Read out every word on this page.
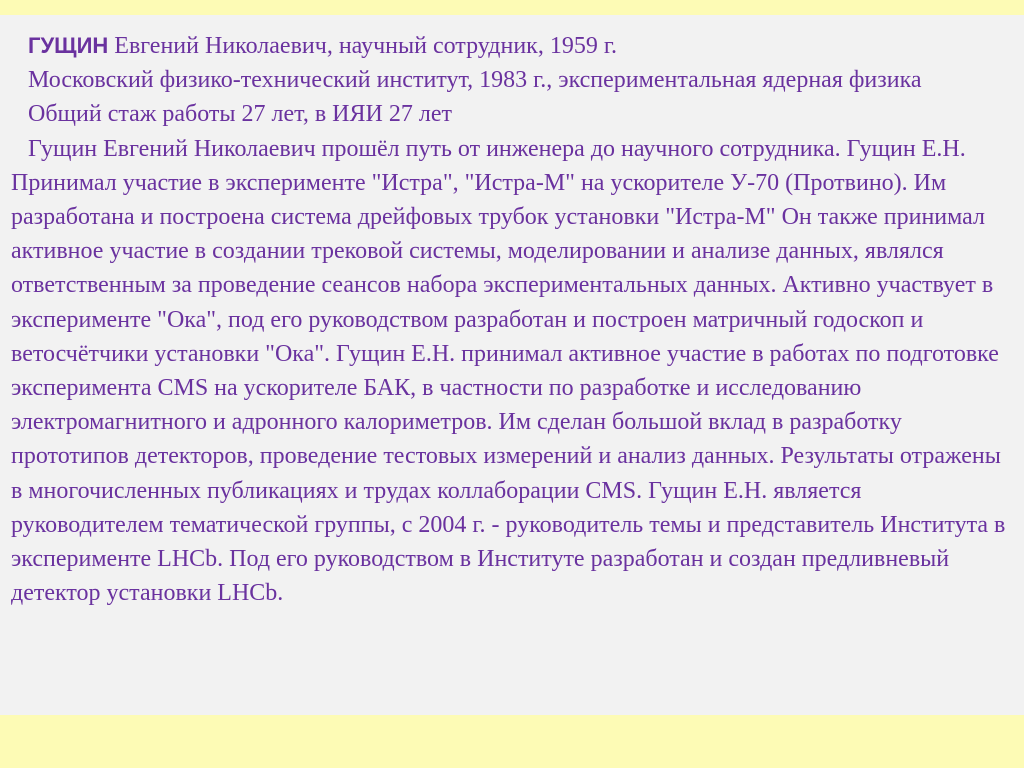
ГУЩИН Евгений Николаевич, научный сотрудник, 1959 г.

Московский физико-технический институт, 1983 г., экспериментальная ядерная физика

Общий стаж работы 27 лет, в ИЯИ 27 лет

Гущин Евгений Николаевич прошёл путь от инженера до научного сотрудника. Гущин Е.Н. Принимал участие в эксперименте "Истра", "Истра-М" на ускорителе У-70 (Протвино). Им разработана и построена система дрейфовых трубок установки "Истра-М" Он также принимал активное участие в создании трековой системы, моделировании и анализе данных, являлся ответственным за проведение сеансов набора экспериментальных данных. Активно участвует в эксперименте "Ока", под его руководством разработан и построен матричный годоскоп и ветосчётчики установки "Ока". Гущин Е.Н. принимал активное участие в работах по подготовке эксперимента CMS на ускорителе БАК, в частности по разработке и исследованию электромагнитного и адронного калориметров. Им сделан большой вклад в разработку прототипов детекторов, проведение тестовых измерений и анализ данных. Результаты отражены в многочисленных публикациях и трудах коллаборации CMS. Гущин Е.Н. является руководителем тематической группы, с 2004 г. - руководитель темы и представитель Института в эксперименте LHCb. Под его руководством в Институте разработан и создан предливневый детектор установки LHCb.
